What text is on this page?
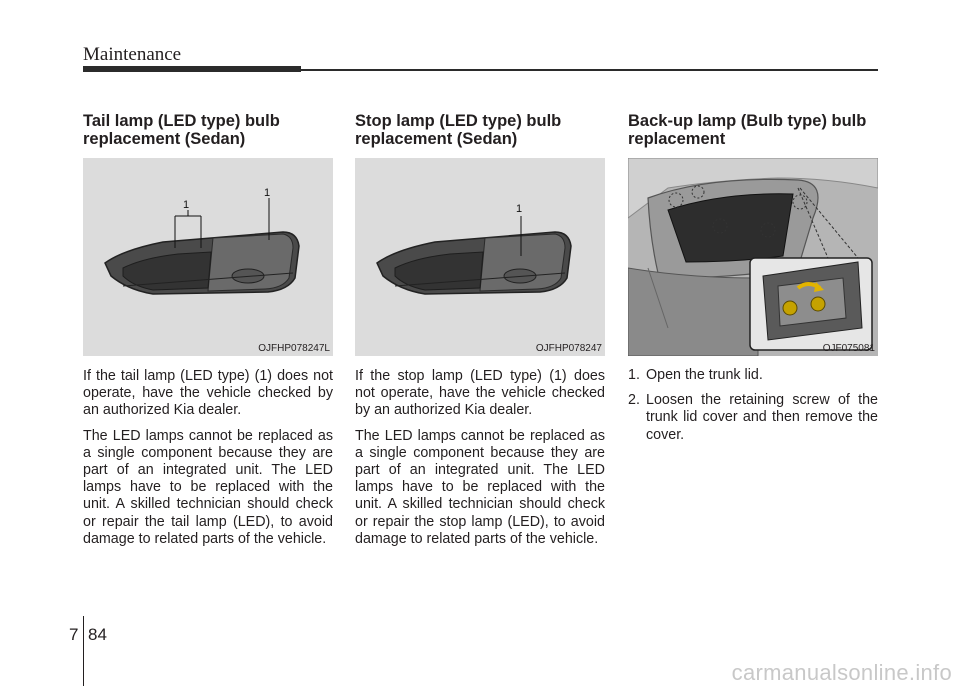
Maintenance
Tail lamp (LED type) bulb replacement (Sedan)
1
1
OJFHP078247L

If the tail lamp (LED type) (1) does not operate, have the vehicle checked by an authorized Kia dealer.

The LED lamps cannot be replaced as a single component because they are part of an integrated unit. The LED lamps have to be replaced with the unit. A skilled technician should check or repair the tail lamp (LED), to avoid damage to related parts of the vehicle.

Stop lamp (LED type) bulb replacement (Sedan)
1
OJFHP078247

If the stop lamp (LED type) (1) does not operate, have the vehicle checked by an authorized Kia dealer.

The LED lamps cannot be replaced as a single component because they are part of an integrated unit. The LED lamps have to be replaced with the unit. A skilled technician should check or repair the stop lamp (LED), to avoid damage to related parts of the vehicle.

Back-up lamp (Bulb type) bulb replacement
OJF075081
1. Open the trunk lid.
2. Loosen the retaining screw of the trunk lid cover and then remove the cover.
7 84
carmanualsonline.info
